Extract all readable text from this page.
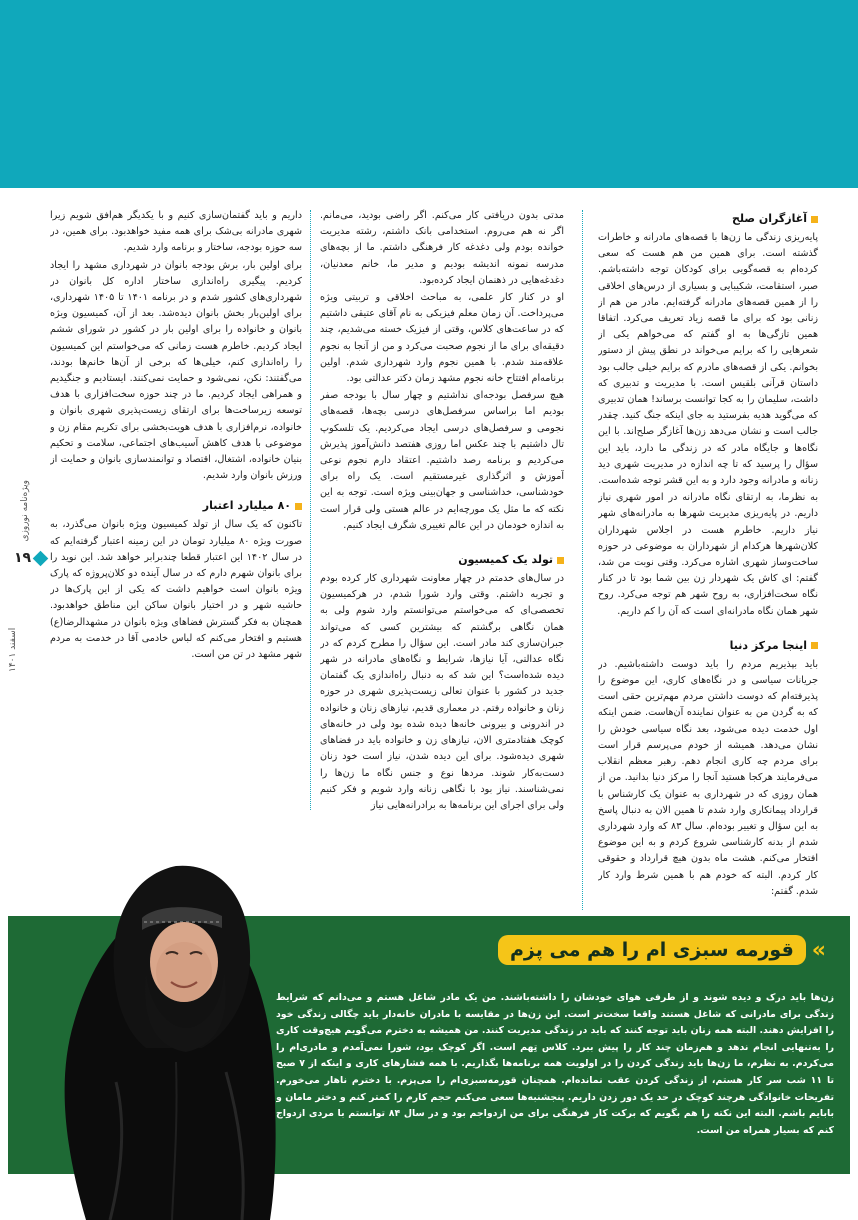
آغازگران صلح

پایه‌ریزی زندگی ما زن‌ها با قصه‌های مادرانه و خاطرات گذشته است. برای همین من هم هست که سعی کرده‌ام به قصه‌گویی برای کودکان توجه داشته‌باشم. صبر، استقامت، شکیبایی و بسیاری از درس‌های اخلاقی را از همین قصه‌های مادرانه گرفته‌ایم. مادر من هم از زنانی بود که برای ما قصه زیاد تعریف می‌کرد. اتفاقا همین تازگی‌ها به او گفتم که می‌خواهم یکی از شعرهایی را که برایم می‌خواند در نطق پیش از دستور بخوانم. یکی از قصه‌های مادرم که برایم خیلی جالب بود داستان قرآنی بلقیس است. با مدیریت و تدبیری که داشت، سلیمان را به کجا توانست برساند! همان تدبیری که می‌گوید هدیه بفرستید به جای اینکه جنگ کنید. چقدر جالب است و نشان می‌دهد زن‌ها آغازگر صلح‌اند. با این نگاه‌ها و جایگاه مادر که در زندگی ما دارد، باید این سؤال را پرسید که تا چه اندازه در مدیریت شهری دید زنانه و مادرانه وجود دارد و به این قشر توجه شده‌است.

به نظرما، به ارتقای نگاه مادرانه در امور شهری نیاز داریم. در پایه‌ریزی مدیریت شهرها به مادرانه‌های شهر نیاز داریم. خاطرم هست در اجلاس شهرداران کلان‌شهرها هرکدام از شهرداران به موضوعی در حوزه ساخت‌وساز شهری اشاره می‌کرد. وقتی نوبت من شد، گفتم: ای کاش یک شهردار زن بین شما بود تا در کنار نگاه سخت‌افزاری، به روح شهر هم توجه می‌کرد. روح شهر همان نگاه مادرانه‌ای است که آن را کم داریم.

اینجا مرکز دنیا

باید بپذیریم مردم را باید دوست داشته‌باشیم. در جریانات سیاسی و در نگاه‌های کاری، این موضوع را پذیرفته‌ام که دوست داشتن مردم مهم‌ترین حقی است که به گردن من به عنوان نماینده آن‌هاست. ضمن اینکه اول خدمت دیده می‌شود، بعد نگاه سیاسی خودش را نشان می‌دهد. همیشه از خودم می‌پرسم قرار است برای مردم چه کاری انجام دهم. رهبر معظم انقلاب می‌فرمایند هرکجا هستید آنجا را مرکز دنیا بدانید. من از همان روزی که در شهرداری به عنوان یک کارشناس با قرارداد پیمانکاری وارد شدم تا همین الان به دنبال پاسخ به این سؤال و تغییر بوده‌ام. سال ۸۳ که وارد شهرداری شدم از بدنه کارشناسی شروع کردم و به این موضوع افتخار می‌کنم. هشت ماه بدون هیچ قرارداد و حقوقی کار کردم. البته که خودم هم با همین شرط وارد کار شدم. گفتم:

مدتی بدون دریافتی کار می‌کنم. اگر راضی بودید، می‌مانم. اگر نه هم می‌روم. استخدامی بانک داشتم، رشته مدیریت خوانده بودم ولی دغدغه کار فرهنگی داشتم. ما از بچه‌های مدرسه نمونه اندیشه بودیم و مدیر ما، خانم معدنیان، دغدغه‌هایی در ذهنمان ایجاد کرده‌بود.

او در کنار کار علمی، به مباحث اخلاقی و تربیتی ویژه می‌پرداخت. آن زمان معلم فیزیکی به نام آقای عتیقی داشتیم که در ساعت‌های کلاس، وقتی از فیزیک خسته می‌شدیم، چند دقیقه‌ای برای ما از نجوم صحبت می‌کرد و من از آنجا به نجوم علاقه‌مند شدم. با همین نجوم وارد شهرداری شدم. اولین برنامه‌ام افتتاح خانه نجوم مشهد زمان دکتر عدالتی بود.

هیچ سرفصل بودجه‌ای نداشتیم و چهار سال با بودجه صفر بودیم اما براساس سرفصل‌های درسی بچه‌ها، قصه‌های نجومی و سرفصل‌های درسی ایجاد می‌کردیم. یک تلسکوپ تال داشتیم با چند عکس اما روزی هفتصد دانش‌آموز پذیرش می‌کردیم و برنامه رصد داشتیم. اعتقاد دارم نجوم نوعی آموزش و اثرگذاری غیرمستقیم است. یک راه برای خودشناسی، خداشناسی و جهان‌بینی ویژه است. توجه به این نکته که ما مثل یک مورچه‌ایم در عالم هستی ولی قرار است به اندازه خودمان در این عالم تغییری شگرف ایجاد کنیم.

تولد یک کمیسیون

در سال‌های خدمتم در چهار معاونت شهرداری کار کرده بودم و تجربه داشتم. وقتی وارد شورا شدم، در هرکمیسیون تخصصی‌ای که می‌خواستم می‌توانستم وارد شوم ولی به همان نگاهی برگشتم که بیشترین کسی که می‌تواند جبران‌سازی کند مادر است. این سؤال را مطرح کردم که در نگاه عدالتی، آیا نیازها، شرایط و نگاه‌های مادرانه در شهر دیده شده‌است؟ این شد که به دنبال راه‌اندازی یک گفتمان جدید در کشور با عنوان تعالی زیست‌پذیری شهری در حوزه زنان و خانواده رفتم. در معماری قدیم، نیازهای زنان و خانواده در اندرونی و بیرونی خانه‌ها دیده شده بود ولی در خانه‌های کوچک هفتادمتری الان، نیازهای زن و خانواده باید در فضاهای شهری دیده‌شود. برای این دیده شدن، نیاز است خود زنان دست‌به‌کار شوند. مردها نوع و جنس نگاه ما زن‌ها را نمی‌شناسند. نیاز بود با نگاهی زنانه وارد شویم و فکر کنیم ولی برای اجرای این برنامه‌ها به برادرانه‌هایی نیاز

داریم و باید گفتمان‌سازی کنیم و با یکدیگر هم‌افق شویم زیرا شهری مادرانه بی‌شک برای همه مفید خواهدبود. برای همین، در سه حوزه بودجه، ساختار و برنامه وارد شدیم.

برای اولین بار، برش بودجه بانوان در شهرداری مشهد را ایجاد کردیم. پیگیری راه‌اندازی ساختار اداره کل بانوان در شهرداری‌های کشور شدم و در برنامه ۱۴۰۱ تا ۱۴۰۵ شهرداری، برای اولین‌بار بخش بانوان دیده‌شد. بعد از آن، کمیسیون ویژه بانوان و خانواده را برای اولین بار در کشور در شورای ششم ایجاد کردیم. خاطرم هست زمانی که می‌خواستم این کمیسیون را راه‌اندازی کنم، خیلی‌ها که برخی از آن‌ها خانم‌ها بودند، می‌گفتند: نکن، نمی‌شود و حمایت نمی‌کنند. ایستادیم و جنگیدیم و همراهی ایجاد کردیم. ما در چند حوزه سخت‌افزاری با هدف توسعه زیرساخت‌ها برای ارتقای زیست‌پذیری شهری بانوان و خانواده، نرم‌افزاری با هدف هویت‌بخشی برای تکریم مقام زن و موضوعی با هدف کاهش آسیب‌های اجتماعی، سلامت و تحکیم بنیان خانواده، اشتغال، اقتصاد و توانمندسازی بانوان و حمایت از ورزش بانوان وارد شدیم.

۸۰ میلیارد اعتبار

تاکنون که یک سال از تولد کمیسیون ویژه بانوان می‌گذرد، به صورت ویژه ۸۰ میلیارد تومان در این زمینه اعتبار گرفته‌ایم که در سال ۱۴۰۲ این اعتبار قطعا چندبرابر خواهد شد. این نوید را برای بانوان شهرم دارم که در سال آینده دو کلان‌پروژه که پارک ویژه بانوان است خواهیم داشت که یکی از این پارک‌ها در حاشیه شهر و در اختیار بانوان ساکن این مناطق خواهدبود. همچنان به فکر گسترش فضاهای ویژه بانوان در مشهدالرضا(ع) هستیم و افتخار می‌کنم که لباس خادمی آقا در خدمت به مردم شهر مشهد در تن من است.

ویژه‌نامه نوروزی
۱۹
اسفند ۱۴۰۱
قورمه سبزی ام را هم می پزم «
زن‌ها باید درک و دیده شوند و از طرفی هوای خودشان را داشته‌باشند. من یک مادر شاغل هستم و می‌دانم که شرایط زندگی برای مادرانی که شاغل هستند واقعا سخت‌تر است. این زن‌ها در مقایسه با مادران خانه‌دار باید چگالی زندگی خود را افزایش دهند. البته همه زنان باید توجه کنند که باید در زندگی مدیریت کنند. من همیشه به دخترم می‌گویم هیچ‌وقت کاری را به‌تنهایی انجام ندهد و هم‌زمان چند کار را پیش ببرد. کلاس تِهم است. اگر کوچک بود، شورا نمی‌آمدم و مادری‌ام را می‌کردم. به نظرم، ما زن‌ها باید زندگی کردن را در اولویت همه برنامه‌ها بگذاریم. با همه فشارهای کاری و اینکه از ۷ صبح تا ۱۱ شب سر کار هستم، از زندگی کردن عقب نمانده‌ام. همچنان قورمه‌سبزی‌ام را می‌پزم. با دخترم ناهار می‌خورم. تفریحات خانوادگی هرچند کوچک در حد یک دور زدن داریم. پنجشنبه‌ها سعی می‌کنم حجم کارم را کمتر کنم و دختر مامان و بابایم باشم. البته این نکته را هم بگویم که برکت کار فرهنگی برای من ازدواجم بود و در سال ۸۴ توانستم با مردی ازدواج کنم که بسیار همراه من است.
